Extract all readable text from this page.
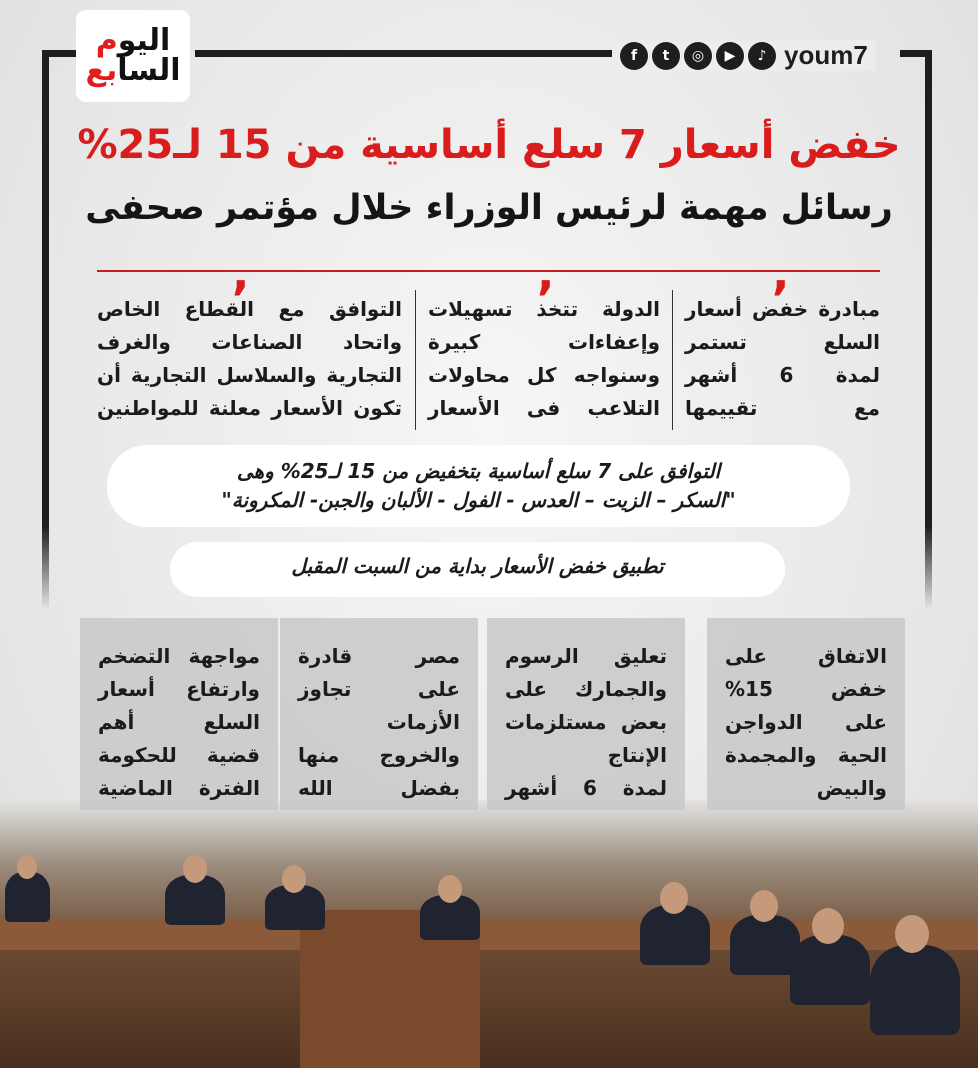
اليوم
السابع	f	t	◎	▶	♪ youm7
خفض أسعار 7 سلع أساسية من 15 لـ25%
رسائل مهمة لرئيس الوزراء خلال مؤتمر صحفى
,
,
,
مبادرة خفض أسعار
السلع تستمر
لمدة 6 أشهر
مع تقييمها
الدولة تتخذ تسهيلات
وإعفاءات كبيرة
وسنواجه كل محاولات
التلاعب فى الأسعار
التوافق مع القطاع الخاص
واتحاد الصناعات والغرف
التجارية والسلاسل التجارية أن
تكون الأسعار معلنة للمواطنين
التوافق على 7 سلع أساسية بتخفيض من 15 لـ25% وهى
"السكر – الزيت – العدس - الفول - الألبان والجبن- المكرونة"
تطبيق خفض الأسعار بداية من السبت المقبل
الاتفاق على
خفض 15%
على الدواجن
الحية والمجمدة
والبيض
تعليق الرسوم
والجمارك على
بعض مستلزمات
الإنتاج
لمدة 6 أشهر
مصر قادرة
على تجاوز
الأزمات
والخروج منها
بفضل الله
مواجهة التضخم
وارتفاع أسعار
السلع أهم
قضية للحكومة
الفترة الماضية
